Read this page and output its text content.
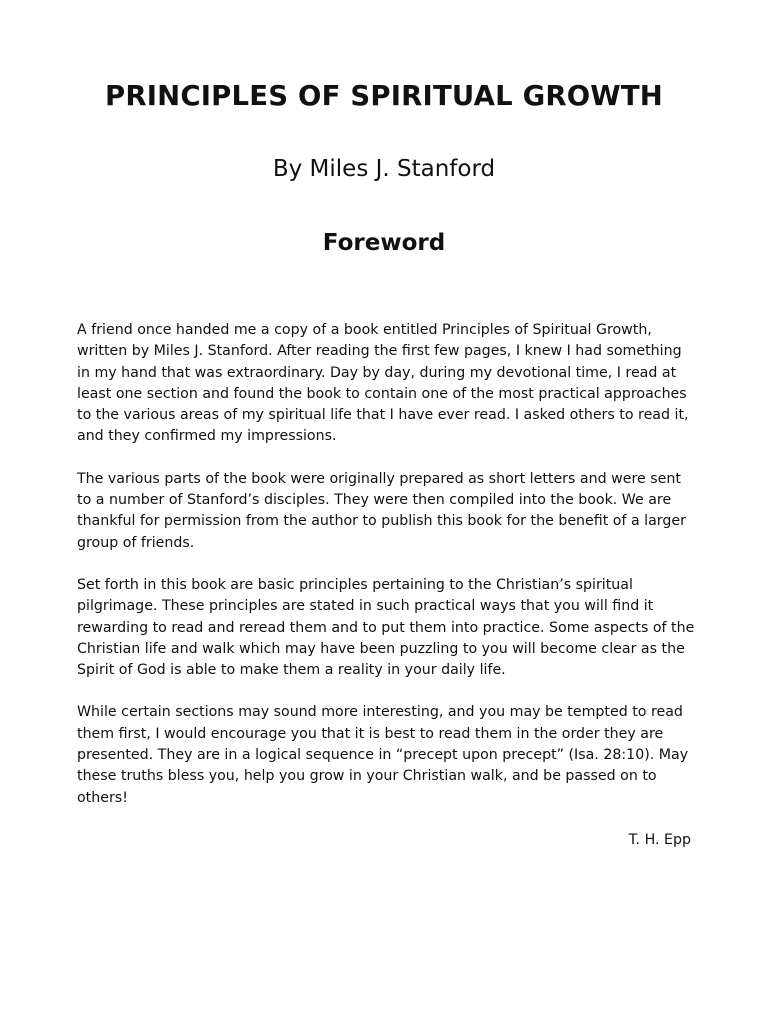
PRINCIPLES OF SPIRITUAL GROWTH
By Miles J. Stanford
Foreword

A friend once handed me a copy of a book entitled Principles of Spiritual Growth, written by Miles J. Stanford. After reading the first few pages, I knew I had something in my hand that was extraordinary. Day by day, during my devotional time, I read at least one section and found the book to contain one of the most practical approaches to the various areas of my spiritual life that I have ever read. I asked others to read it, and they confirmed my impressions.

The various parts of the book were originally prepared as short letters and were sent to a number of Stanford’s disciples. They were then compiled into the book. We are thankful for permission from the author to publish this book for the benefit of a larger group of friends.

Set forth in this book are basic principles pertaining to the Christian’s spiritual pilgrimage. These principles are stated in such practical ways that you will find it rewarding to read and reread them and to put them into practice. Some aspects of the Christian life and walk which may have been puzzling to you will become clear as the Spirit of God is able to make them a reality in your daily life.

While certain sections may sound more interesting, and you may be tempted to read them first, I would encourage you that it is best to read them in the order they are presented. They are in a logical sequence in “precept upon precept” (Isa. 28:10). May these truths bless you, help you grow in your Christian walk, and be passed on to others!

T. H. Epp
